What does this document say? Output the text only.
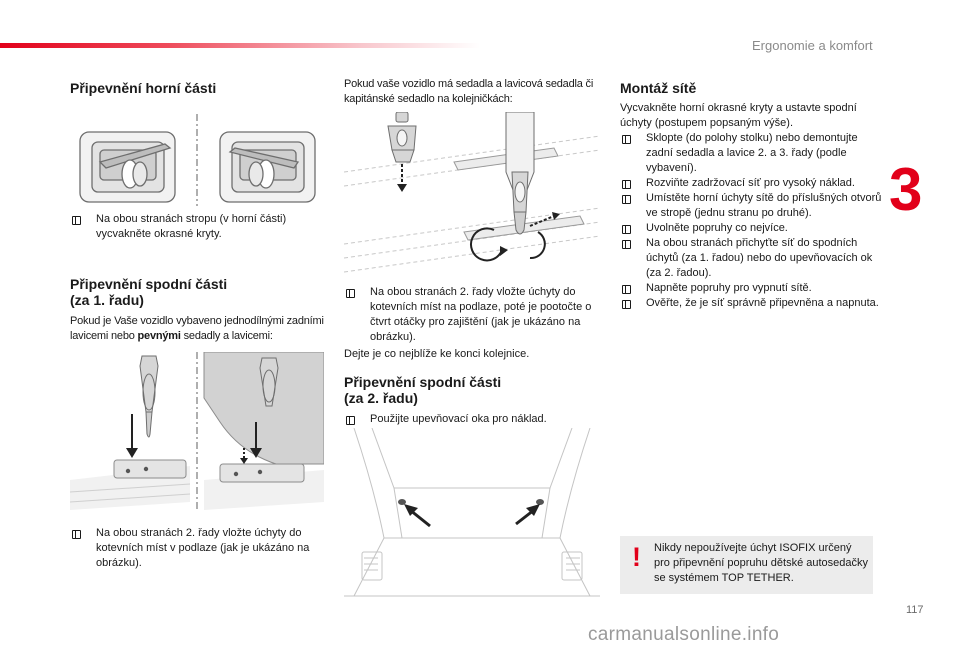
Ergonomie a komfort
3
Připevnění horní části
Na obou stranách stropu (v horní části) vycvakněte okrasné kryty.
Připevnění spodní části
(za 1. řadu)
Pokud je Vaše vozidlo vybaveno jednodílnými zadními lavicemi nebo pevnými sedadly a lavicemi:
Na obou stranách 2. řady vložte úchyty do kotevních míst v podlaze (jak je ukázáno na obrázku).
Pokud vaše vozidlo má sedadla a lavicová sedadla či kapitánské sedadlo na kolejničkách:
Na obou stranách 2. řady vložte úchyty do kotevních míst na podlaze, poté je pootočte o čtvrt otáčky pro zajištění (jak je ukázáno na obrázku).
Dejte je co nejblíže ke konci kolejnice.
Připevnění spodní části
(za 2. řadu)
Použijte upevňovací oka pro náklad.
Montáž sítě
Vycvakněte horní okrasné kryty a ustavte spodní úchyty (postupem popsaným výše).
Sklopte (do polohy stolku) nebo demontujte zadní sedadla a lavice 2. a 3. řady (podle vybavení).
Rozviňte zadržovací síť pro vysoký náklad.
Umístěte horní úchyty sítě do příslušných otvorů ve stropě (jednu stranu po druhé).
Uvolněte popruhy co nejvíce.
Na obou stranách přichyťte síť do spodních úchytů (za 1. řadou) nebo do upevňovacích ok (za 2. řadou).
Napněte popruhy pro vypnutí sítě.
Ověřte, že je síť správně připevněna a napnuta.
! Nikdy nepoužívejte úchyt ISOFIX určený pro připevnění popruhu dětské autosedačky se systémem TOP TETHER.
117
carmanualsonline.info
